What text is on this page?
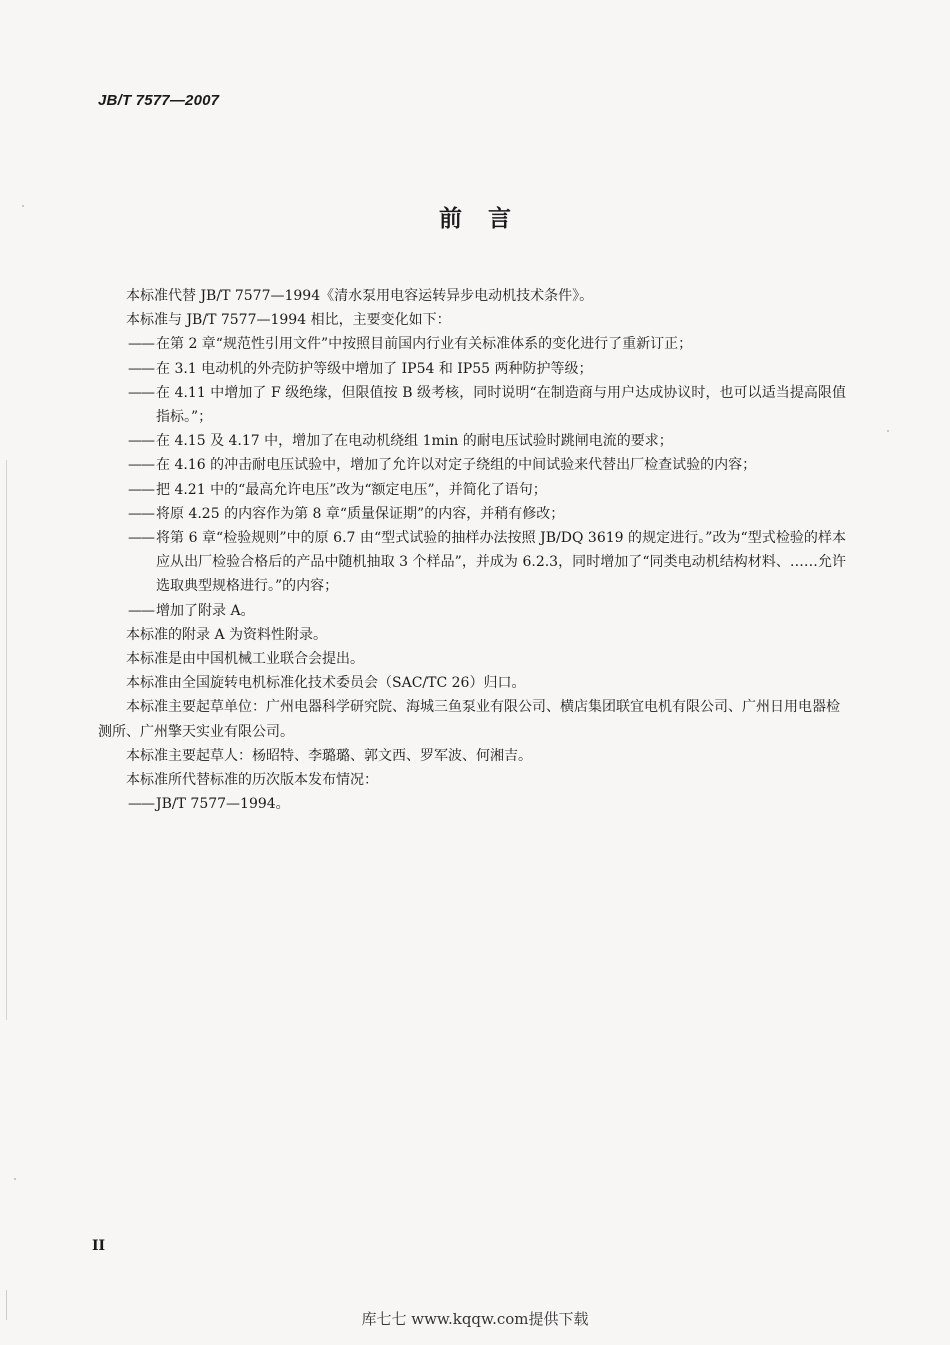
JB/T 7577—2007
前言

本标准代替 JB/T 7577—1994《清水泵用电容运转异步电动机技术条件》。

本标准与 JB/T 7577—1994 相比，主要变化如下：

—— 在第 2 章“规范性引用文件”中按照目前国内行业有关标准体系的变化进行了重新订正；
—— 在 3.1 电动机的外壳防护等级中增加了 IP54 和 IP55 两种防护等级；
—— 在 4.11 中增加了 F 级绝缘，但限值按 B 级考核，同时说明“在制造商与用户达成协议时，也可以适当提高限值指标。”；
—— 在 4.15 及 4.17 中，增加了在电动机绕组 1min 的耐电压试验时跳闸电流的要求；
—— 在 4.16 的冲击耐电压试验中，增加了允许以对定子绕组的中间试验来代替出厂检查试验的内容；
—— 把 4.21 中的“最高允许电压”改为“额定电压”，并简化了语句；
—— 将原 4.25 的内容作为第 8 章“质量保证期”的内容，并稍有修改；
—— 将第 6 章“检验规则”中的原 6.7 由“型式试验的抽样办法按照 JB/DQ 3619 的规定进行。”改为“型式检验的样本应从出厂检验合格后的产品中随机抽取 3 个样品”，并成为 6.2.3，同时增加了“同类电动机结构材料、……允许选取典型规格进行。”的内容；
—— 增加了附录 A。

本标准的附录 A 为资料性附录。

本标准是由中国机械工业联合会提出。

本标准由全国旋转电机标准化技术委员会（SAC/TC 26）归口。

本标准主要起草单位：广州电器科学研究院、海城三鱼泵业有限公司、横店集团联宜电机有限公司、广州日用电器检测所、广州擎天实业有限公司。

本标准主要起草人：杨昭特、李璐璐、郭文西、罗军波、何湘吉。

本标准所代替标准的历次版本发布情况：

—— JB/T 7577—1994。
II
库七七 www.kqqw.com提供下载
